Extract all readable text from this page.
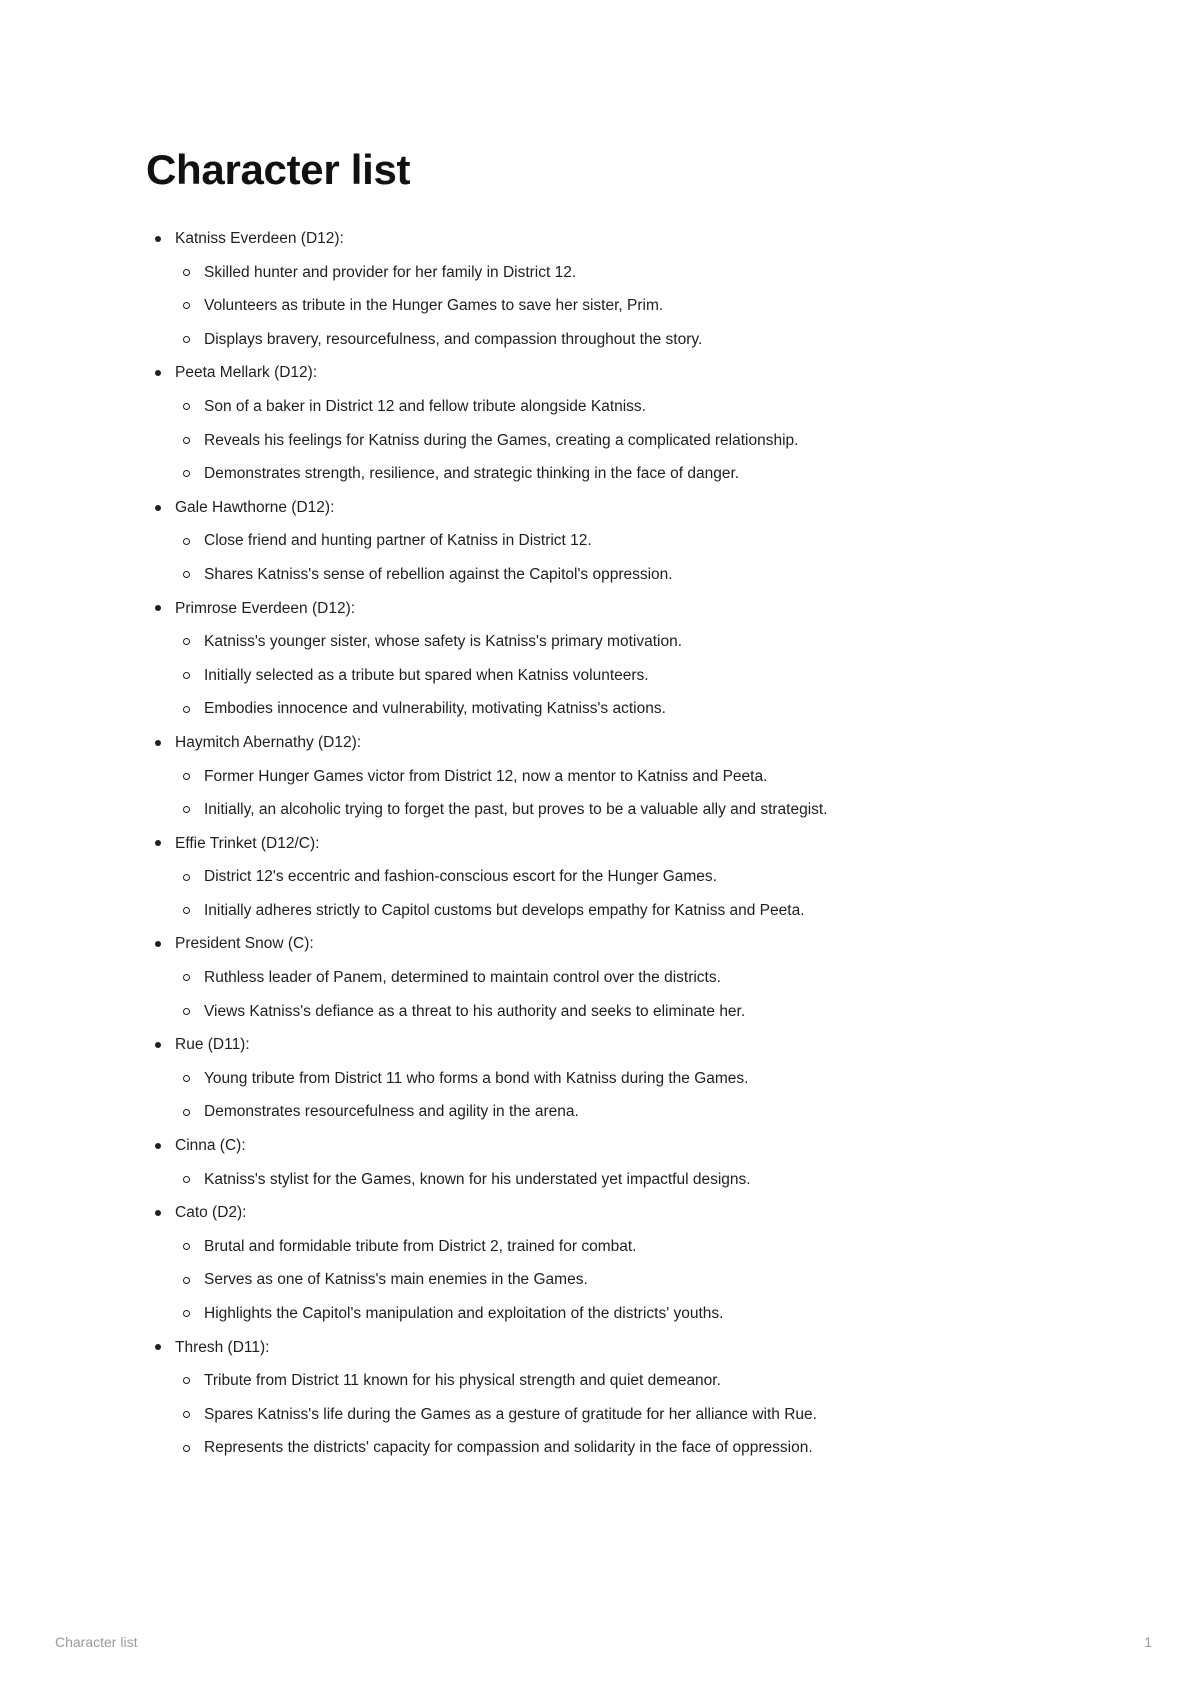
Character list
Katniss Everdeen (D12):
Skilled hunter and provider for her family in District 12.
Volunteers as tribute in the Hunger Games to save her sister, Prim.
Displays bravery, resourcefulness, and compassion throughout the story.
Peeta Mellark (D12):
Son of a baker in District 12 and fellow tribute alongside Katniss.
Reveals his feelings for Katniss during the Games, creating a complicated relationship.
Demonstrates strength, resilience, and strategic thinking in the face of danger.
Gale Hawthorne (D12):
Close friend and hunting partner of Katniss in District 12.
Shares Katniss's sense of rebellion against the Capitol's oppression.
Primrose Everdeen (D12):
Katniss's younger sister, whose safety is Katniss's primary motivation.
Initially selected as a tribute but spared when Katniss volunteers.
Embodies innocence and vulnerability, motivating Katniss's actions.
Haymitch Abernathy (D12):
Former Hunger Games victor from District 12, now a mentor to Katniss and Peeta.
Initially, an alcoholic trying to forget the past, but proves to be a valuable ally and strategist.
Effie Trinket (D12/C):
District 12's eccentric and fashion-conscious escort for the Hunger Games.
Initially adheres strictly to Capitol customs but develops empathy for Katniss and Peeta.
President Snow (C):
Ruthless leader of Panem, determined to maintain control over the districts.
Views Katniss's defiance as a threat to his authority and seeks to eliminate her.
Rue (D11):
Young tribute from District 11 who forms a bond with Katniss during the Games.
Demonstrates resourcefulness and agility in the arena.
Cinna (C):
Katniss's stylist for the Games, known for his understated yet impactful designs.
Cato (D2):
Brutal and formidable tribute from District 2, trained for combat.
Serves as one of Katniss's main enemies in the Games.
Highlights the Capitol's manipulation and exploitation of the districts' youths.
Thresh (D11):
Tribute from District 11 known for his physical strength and quiet demeanor.
Spares Katniss's life during the Games as a gesture of gratitude for her alliance with Rue.
Represents the districts' capacity for compassion and solidarity in the face of oppression.
Character list	1
